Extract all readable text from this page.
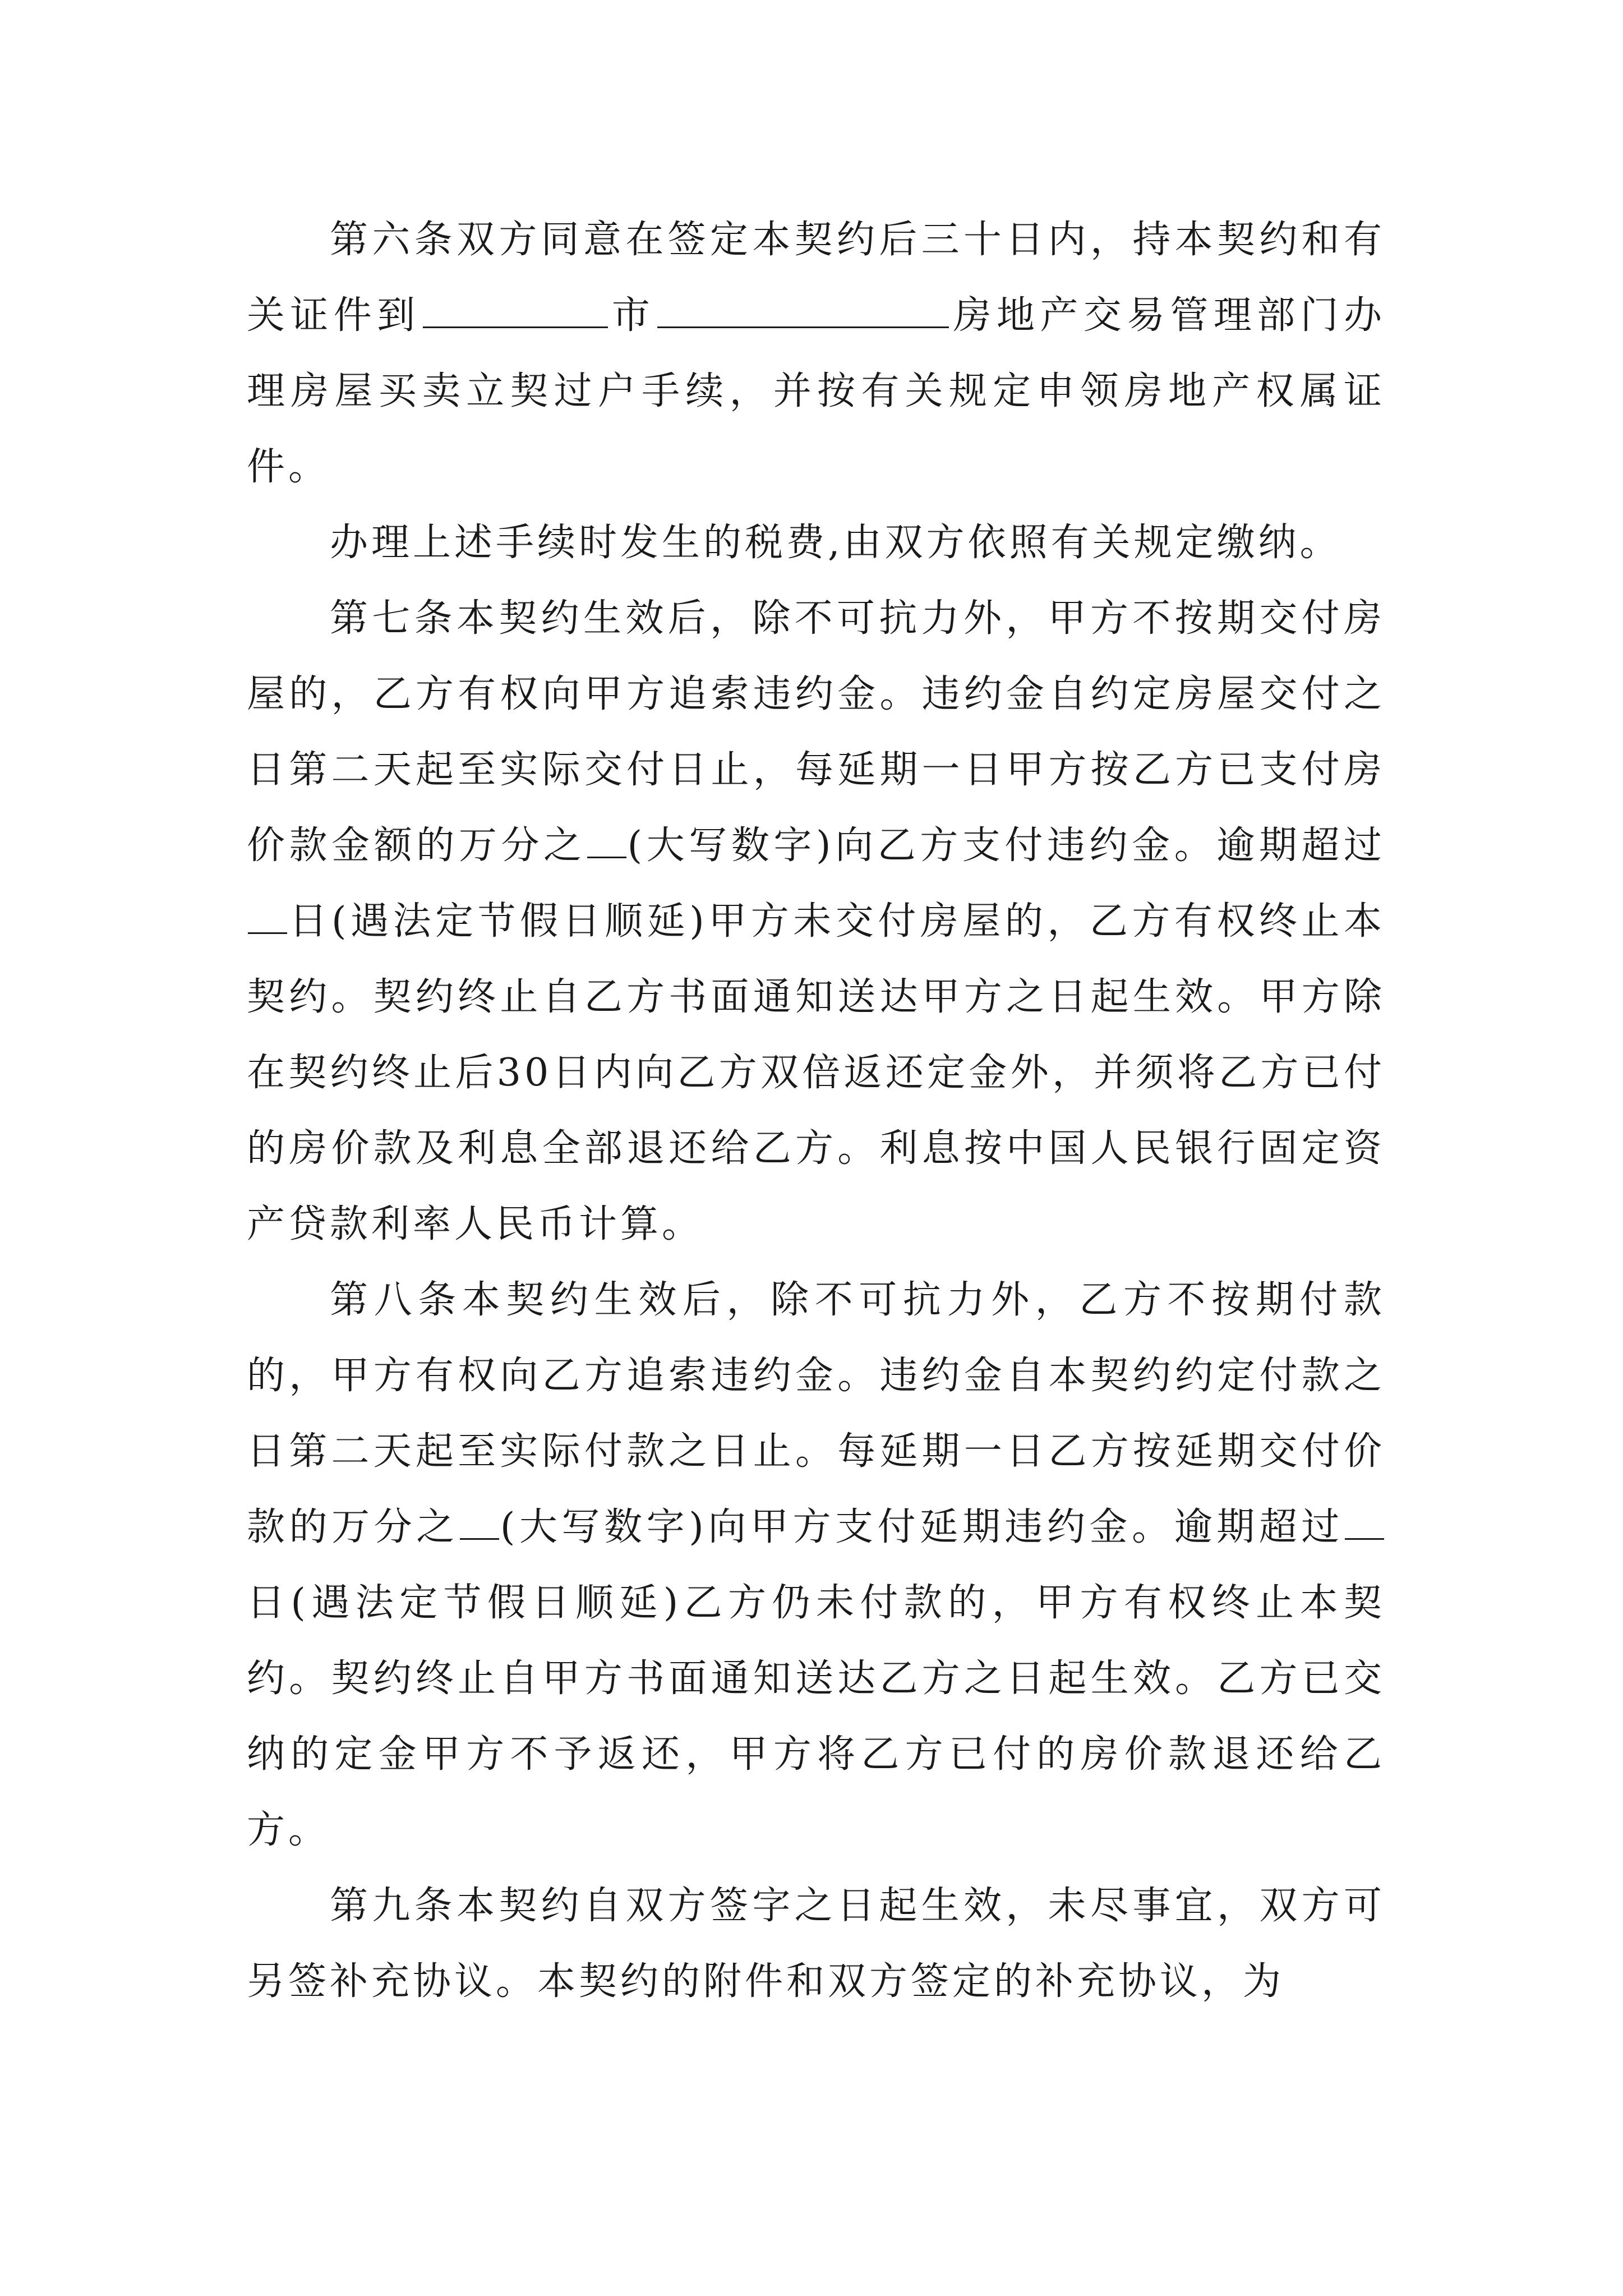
第六条双方同意在签定本契约后三十日内，持本契约和有关证件到	市	房地产交易管理部门办理房屋买卖立契过户手续，并按有关规定申领房地产权属证件。

办理上述手续时发生的税费,由双方依照有关规定缴纳。

第七条本契约生效后，除不可抗力外，甲方不按期交付房屋的，乙方有权向甲方追索违约金。违约金自约定房屋交付之日第二天起至实际交付日止，每延期一日甲方按乙方已支付房价款金额的万分之 (大写数字)向乙方支付违约金。逾期超过日(遇法定节假日顺延)甲方未交付房屋的，乙方有权终止本契约。契约终止自乙方书面通知送达甲方之日起生效。甲方除在契约终止后30日内向乙方双倍返还定金外，并须将乙方已付的房价款及利息全部退还给乙方。利息按中国人民银行固定资产贷款利率人民币计算。

第八条本契约生效后，除不可抗力外，乙方不按期付款的，甲方有权向乙方追索违约金。违约金自本契约约定付款之日第二天起至实际付款之日止。每延期一日乙方按延期交付价款的万分之 (大写数字)向甲方支付延期违约金。逾期超过日(遇法定节假日顺延)乙方仍未付款的，甲方有权终止本契约。契约终止自甲方书面通知送达乙方之日起生效。乙方已交纳的定金甲方不予返还，甲方将乙方已付的房价款退还给乙方。

第九条本契约自双方签字之日起生效，未尽事宜，双方可另签补充协议。本契约的附件和双方签定的补充协议，为
